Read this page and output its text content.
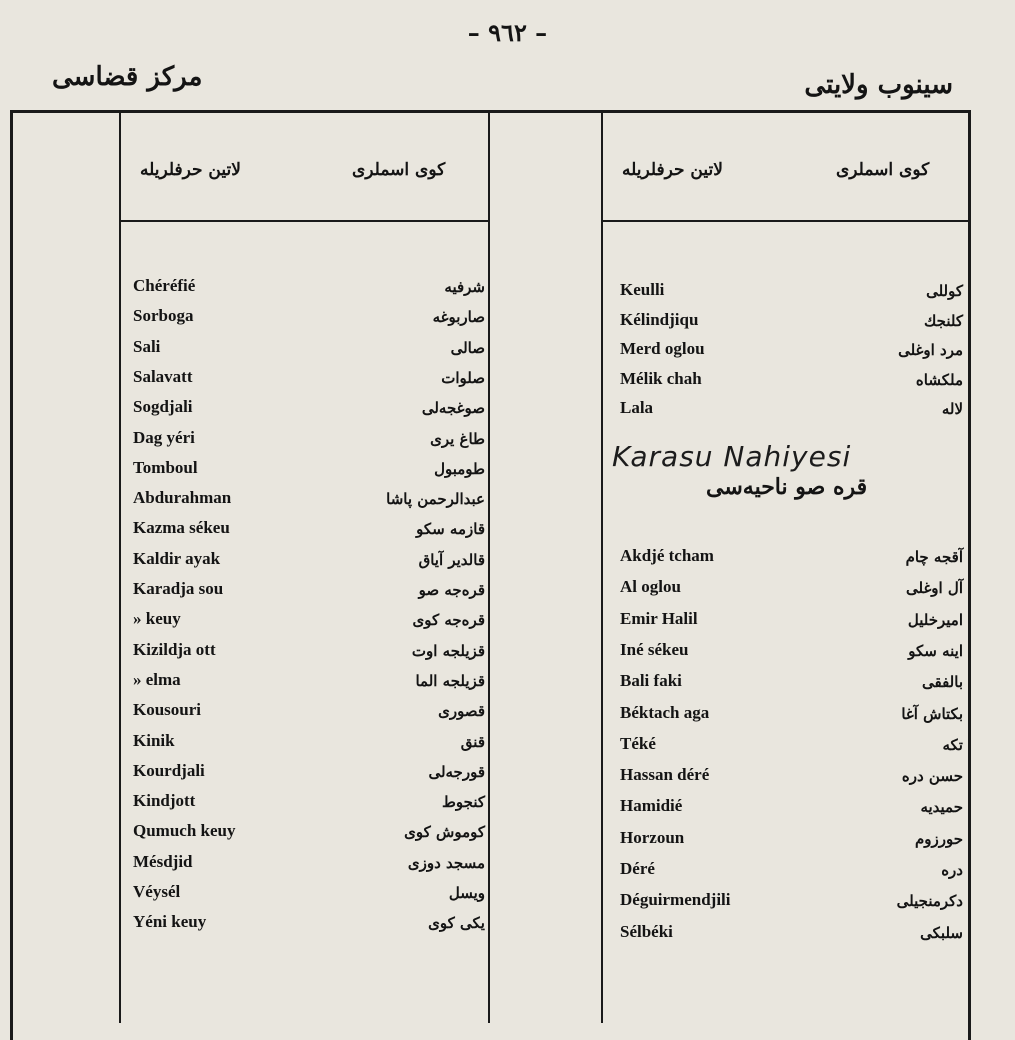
– ۹٦۲ –
مرکز قضاسی	سینوب ولایتی
لاتین حرفلریله	کوی اسملری	لاتین حرفلریله	کوی اسملری
Chéréfié	شرفیه
Sorboga	صاربوغه
Sali	صالی
Salavatt	صلوات
Sogdjali	صوغجه‌لی
Dag yéri	طاغ یری
Tomboul	طومبول
Abdurahman	عبدالرحمن پاشا
Kazma sékeu	قازمه سکو
Kaldir ayak	قالدیر آیاق
Karadja sou	قره‌جه صو
» keuy	قره‌جه کوی
Kizildja ott	قزیلجه اوت
» elma	قزیلجه الما
Kousouri	قصوری
Kinik	قنق
Kourdjali	قورجه‌لی
Kindjott	کنجوط
Qumuch keuy	کوموش کوی
Mésdjid	مسجد دوزی
Véysél	ویسل
Yéni keuy	یکی کوی
Keulli	کوللی
Kélindjiqu	کلنجك
Merd oglou	مرد اوغلی
Mélik chah	ملکشاه
Lala	لاله
Karasu Nahiyesi
قره صو ناحیه‌سی
Akdjé tcham	آقجه چام
Al oglou	آل اوغلی
Emir Halil	امیرخلیل
Iné sékeu	اینه سکو
Bali faki	بالفقی
Béktach aga	بکتاش آغا
Téké	تکه
Hassan déré	حسن دره
Hamidié	حمیدیه
Horzoun	حورزوم
Déré	دره
Déguirmendjili	دکرمنجیلی
Sélbéki	سلبکی
